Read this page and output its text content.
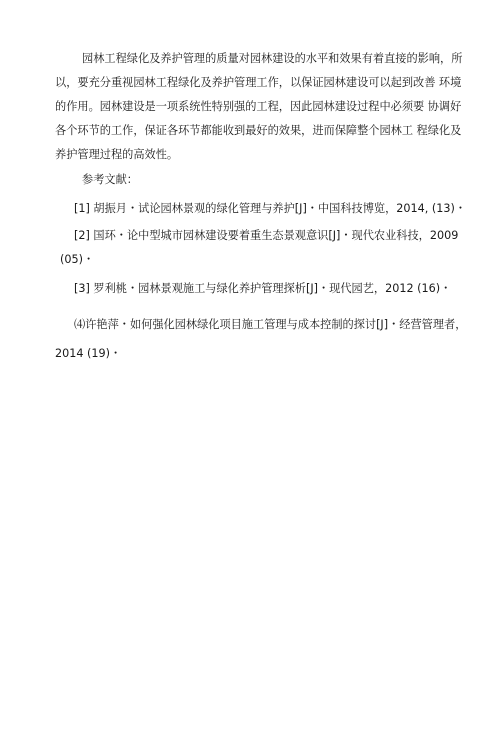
园林工程绿化及养护管理的质量对园林建设的水平和效果有着直接的影响，所
以，要充分重视园林工程绿化及养护管理工作，以保证园林建设可以起到改善 环境
的作用。园林建设是一项系统性特别强的工程，因此园林建设过程中必须要 协调好
各个环节的工作，保证各环节都能收到最好的效果，进而保障整个园林工 程绿化及
养护管理过程的高效性。
参考文献：
[1] 胡振月・试论园林景观的绿化管理与养护[J]・中国科技博览，2014, (13)・
[2] 国环・论中型城市园林建设要着重生态景观意识[J]・现代农业科技，2009
(05)・
[3] 罗利桃・园林景观施工与绿化养护管理探析[J]・现代园艺，2012 (16)・
⑷许艳萍・如何强化园林绿化项目施工管理与成本控制的探讨[J]・经营管理者，
2014 (19)・
